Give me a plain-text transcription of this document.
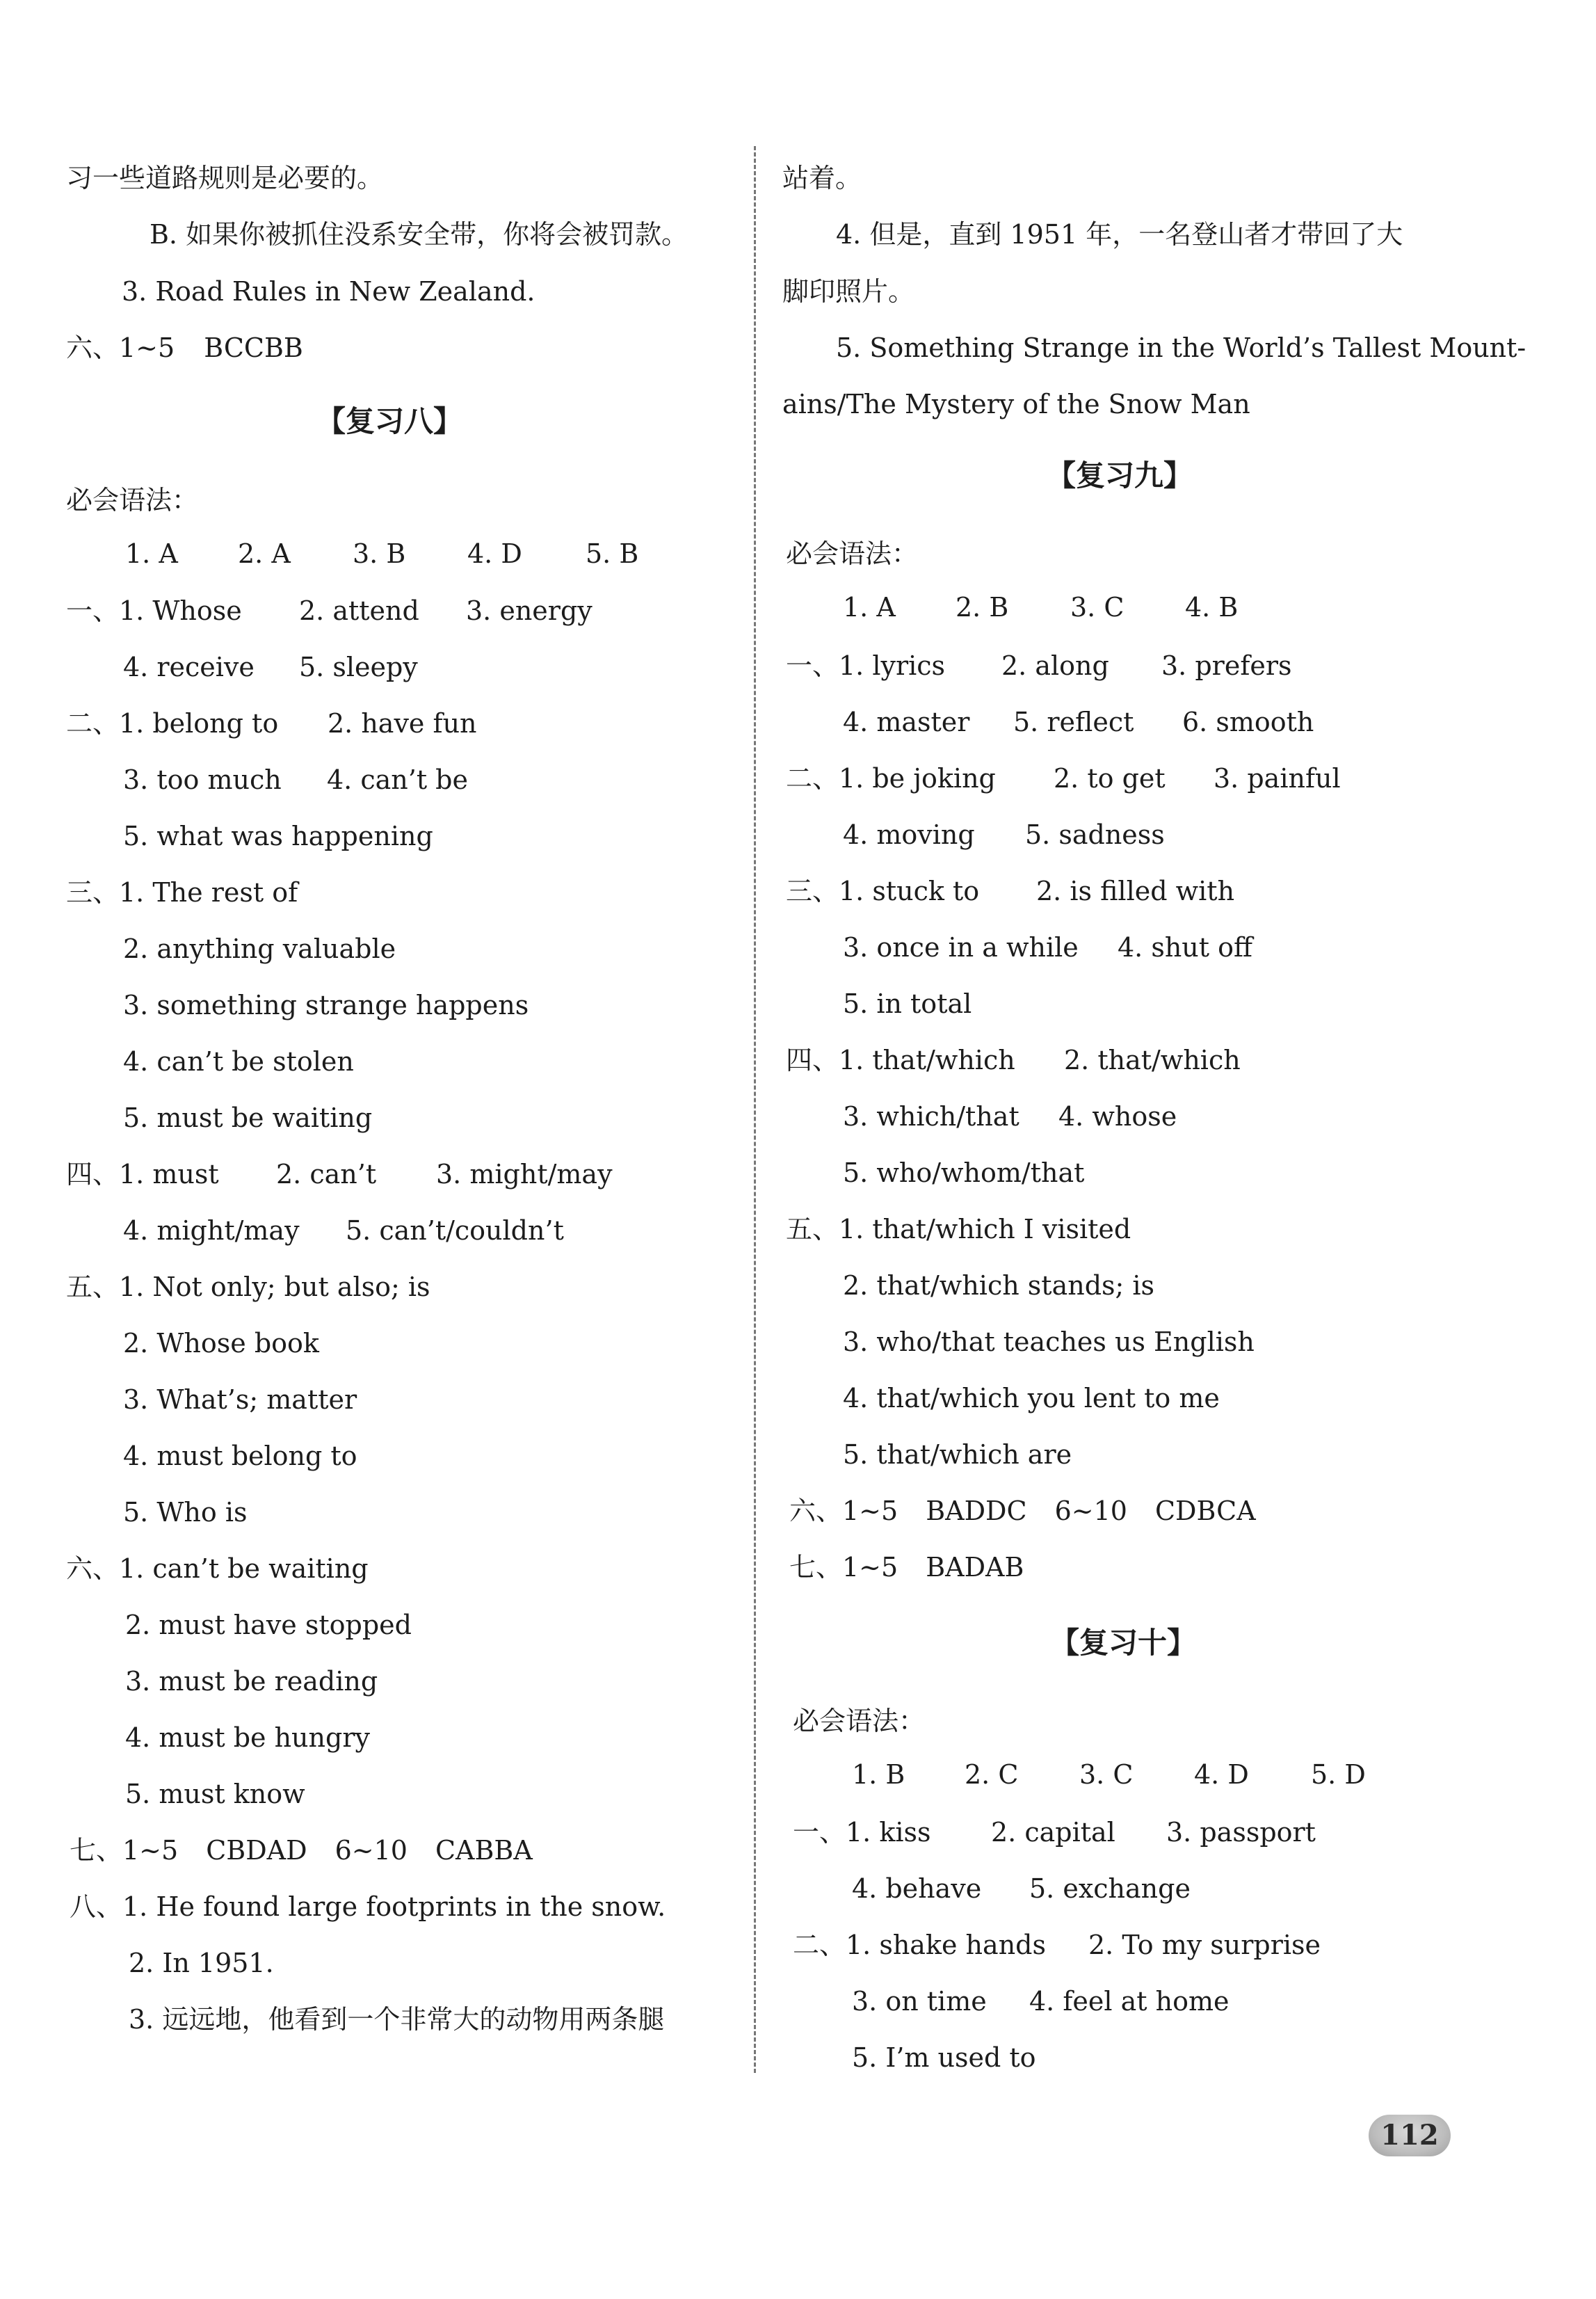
习一些道路规则是必要的。
B. 如果你被抓住没系安全带，你将会被罚款。
3. Road Rules in New Zealand.
六、1~5 BCCBB
【复习八】
必会语法：
1. A 2. A 3. B 4. D 5. B
一、1. Whose 2. attend 3. energy
4. receive 5. sleepy
二、1. belong to 2. have fun
3. too much 4. can’t be
5. what was happening
三、1. The rest of
2. anything valuable
3. something strange happens
4. can’t be stolen
5. must be waiting
四、1. must 2. can’t 3. might/may
4. might/may 5. can’t/couldn’t
五、1. Not only; but also; is
2. Whose book
3. What’s; matter
4. must belong to
5. Who is
六、1. can’t be waiting
2. must have stopped
3. must be reading
4. must be hungry
5. must know
七、1~5 CBDAD 6~10 CABBA
八、1. He found large footprints in the snow.
2. In 1951.
3. 远远地，他看到一个非常大的动物用两条腿
站着。
4. 但是，直到 1951 年，一名登山者才带回了大
脚印照片。
5. Something Strange in the World’s Tallest Mount-
ains/The Mystery of the Snow Man
【复习九】
必会语法：
1. A 2. B 3. C 4. B
一、1. lyrics 2. along 3. prefers
4. master 5. reflect 6. smooth
二、1. be joking 2. to get 3. painful
4. moving 5. sadness
三、1. stuck to 2. is filled with
3. once in a while 4. shut off
5. in total
四、1. that/which 2. that/which
3. which/that 4. whose
5. who/whom/that
五、1. that/which I visited
2. that/which stands; is
3. who/that teaches us English
4. that/which you lent to me
5. that/which are
六、1~5 BADDC 6~10 CDBCA
七、1~5 BADAB
【复习十】
必会语法：
1. B 2. C 3. C 4. D 5. D
一、1. kiss 2. capital 3. passport
4. behave 5. exchange
二、1. shake hands 2. To my surprise
3. on time 4. feel at home
5. I’m used to
112
